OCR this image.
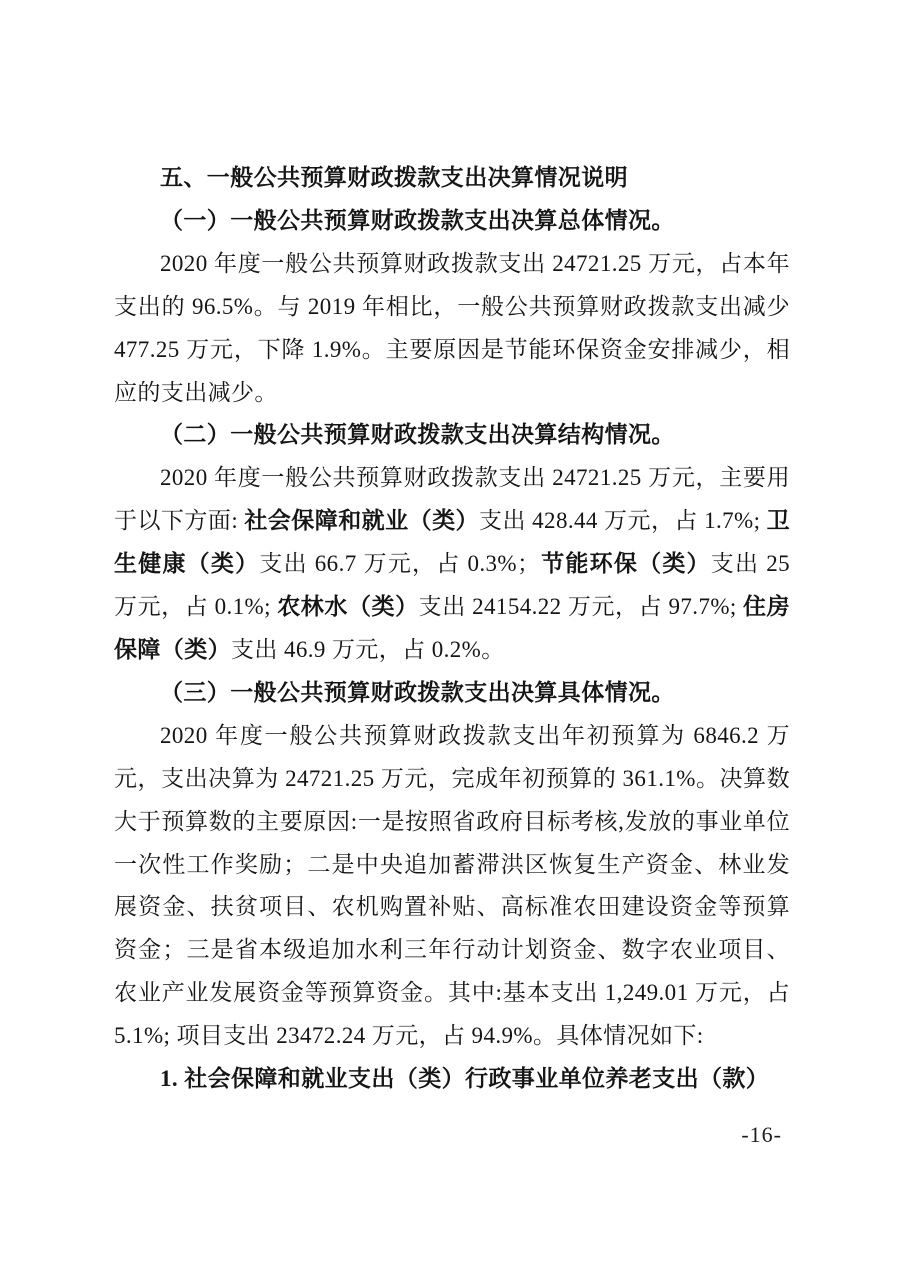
五、一般公共预算财政拨款支出决算情况说明

（一）一般公共预算财政拨款支出决算总体情况。

2020 年度一般公共预算财政拨款支出 24721.25 万元，占本年支出的 96.5%。与 2019 年相比，一般公共预算财政拨款支出减少 477.25 万元，下降 1.9%。主要原因是节能环保资金安排减少，相应的支出减少。

（二）一般公共预算财政拨款支出决算结构情况。

2020 年度一般公共预算财政拨款支出 24721.25 万元，主要用于以下方面: 社会保障和就业（类）支出 428.44 万元，占 1.7%; 卫生健康（类）支出 66.7 万元，占 0.3%；节能环保（类）支出 25 万元，占 0.1%; 农林水（类）支出 24154.22 万元，占 97.7%; 住房保障（类）支出 46.9 万元，占 0.2%。

（三）一般公共预算财政拨款支出决算具体情况。

2020 年度一般公共预算财政拨款支出年初预算为 6846.2 万元，支出决算为 24721.25 万元，完成年初预算的 361.1%。决算数大于预算数的主要原因:一是按照省政府目标考核,发放的事业单位一次性工作奖励；二是中央追加蓄滞洪区恢复生产资金、林业发展资金、扶贫项目、农机购置补贴、高标准农田建设资金等预算资金；三是省本级追加水利三年行动计划资金、数字农业项目、农业产业发展资金等预算资金。其中:基本支出 1,249.01 万元，占 5.1%; 项目支出 23472.24 万元，占 94.9%。具体情况如下:

1. 社会保障和就业支出（类）行政事业单位养老支出（款）

-16-
